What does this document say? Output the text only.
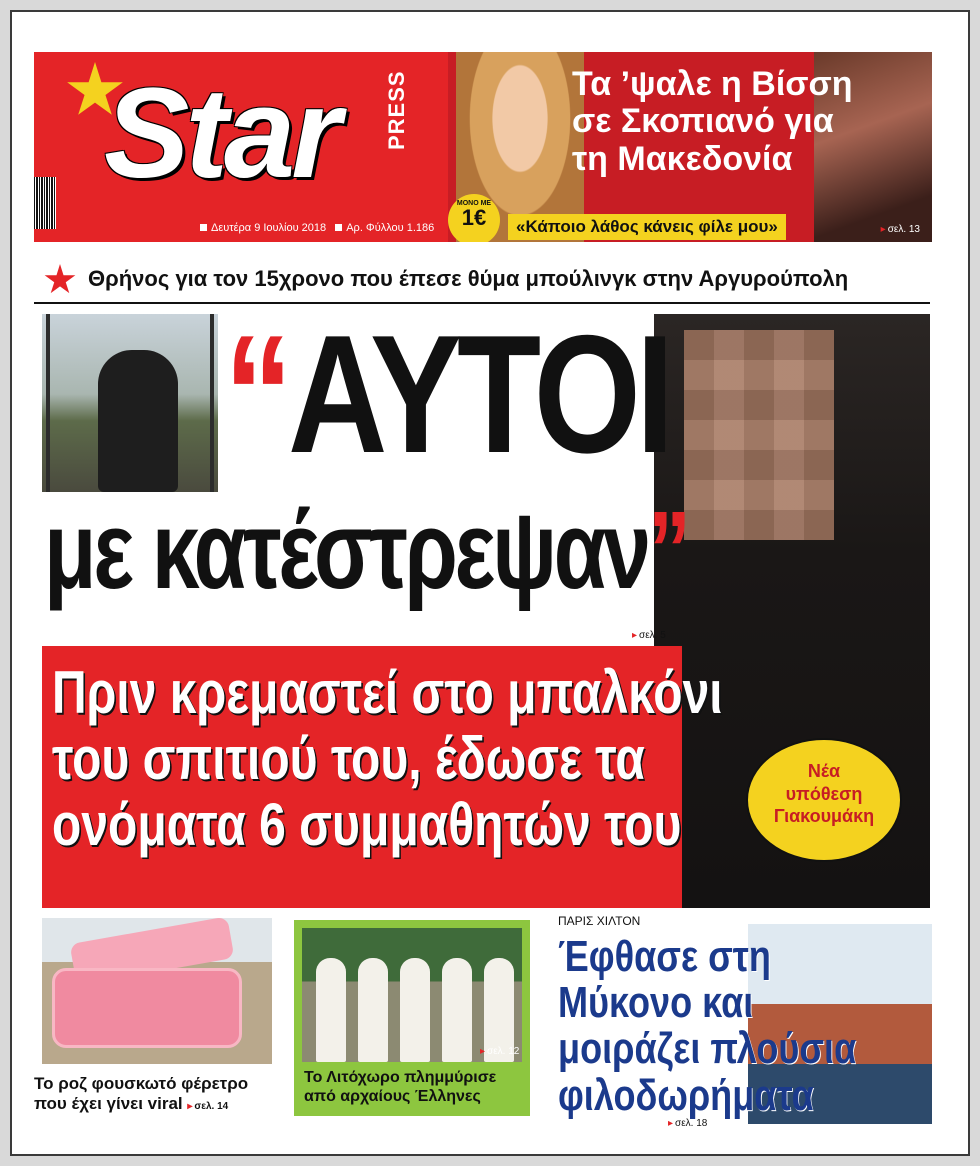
Star PRESS
Δευτέρα 9 Ιουλίου 2018 Αρ. Φύλλου 1.186
Τα ’ψαλε η Βίσση
σε Σκοπιανό για
τη Μακεδονία
ΜΟΝΟ ΜΕ
1€	«Κάποιο λάθος κάνεις φίλε μου»	▸ σελ. 13
Θρήνος για τον 15χρονο που έπεσε θύμα μπούλινγκ στην Αργυρούπολη
“ΑΥΤΟΙ
με κατέστρεψαν”
▸ σελ. 5
Πριν κρεμαστεί στο μπαλκόνι
του σπιτιού του, έδωσε τα
ονόματα 6 συμμαθητών του
Νέα
υπόθεση
Γιακουμάκη
Το ροζ φουσκωτό φέρετρο
που έχει γίνει viral ▸ σελ. 14
▸ σελ. 12
Το Λιτόχωρο πλημμύρισε
από αρχαίους Έλληνες
ΠΑΡΙΣ ΧΙΛΤΟΝ
Έφθασε στη
Μύκονο και
μοιράζει πλούσια
φιλοδωρήματα
▸ σελ. 18
